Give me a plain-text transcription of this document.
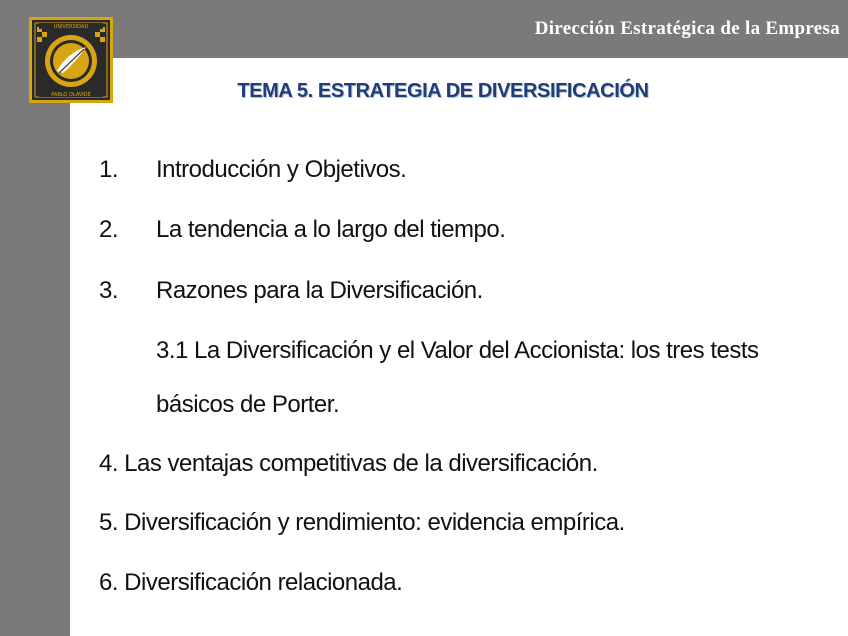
Dirección Estratégica de la Empresa
UNIVERSIDAD
PABLO OLAVIDE	TEMA 5. ESTRATEGIA DE DIVERSIFICACIÓN
1. Introducción y Objetivos.
2. La tendencia a lo largo del tiempo.
3. Razones para la Diversificación.
3.1 La Diversificación y el Valor del Accionista: los tres tests
básicos de Porter.
4. Las ventajas competitivas de la diversificación.
5. Diversificación y rendimiento: evidencia empírica.
6. Diversificación relacionada.
